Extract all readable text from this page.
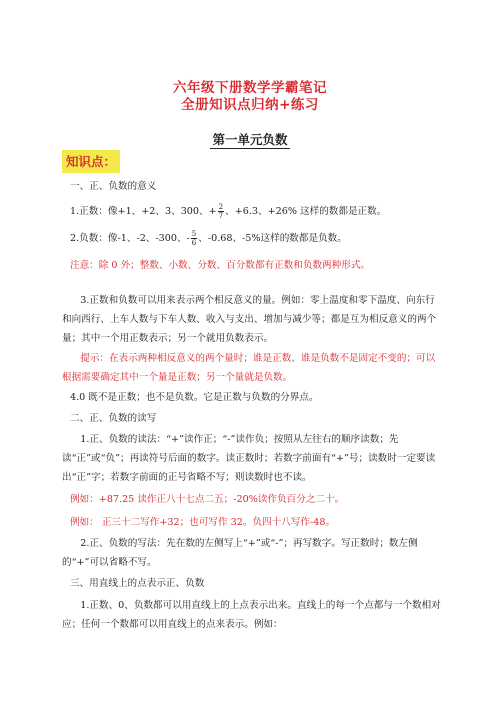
六年级下册数学学霸笔记
全册知识点归纳+练习
第一单元负数
知识点：
一、正、负数的意义
1.正数：像+1、+2、3、300、+ $\frac{2}{7}$ 、+6.3、+26% 这样的数都是正数。
2.负数：像-1、-2、-300、- $\frac{5}{6}$ 、-0.68、-5%这样的数都是负数。
注意：除 0 外；整数、小数、分数、百分数都有正数和负数两种形式。
3.正数和负数可以用来表示两个相反意义的量。例如：零上温度和零下温度、向东行和向西行、上车人数与下车人数、收入与支出、增加与减少等；都是互为相反意义的两个量；其中一个用正数表示；另一个就用负数表示。
提示：在表示两种相反意义的两个量时；谁是正数、谁是负数不是固定不变的；可以根据需要确定其中一个量是正数；另一个量就是负数。
4.0 既不是正数；也不是负数。它是正数与负数的分界点。
二、正、负数的读写
1.正、负数的读法：“+”读作正；“-”读作负；按照从左往右的顺序读数；先读“正”或“负”；再读符号后面的数字。读正数时；若数字前面有“+”号；读数时一定要读出“正”字；若数字前面的正号省略不写；则读数时也不读。
例如：+87.25 读作正八十七点二五；-20%读作负百分之二十。
例如： 正三十二写作+32；也可写作 32。负四十八写作-48。
2.正、负数的写法：先在数的左侧写上“+”或“-”；再写数字。写正数时；数左侧的“+”可以省略不写。
三、用直线上的点表示正、负数
1.正数、0、负数都可以用直线上的上点表示出来。直线上的每一个点都与一个数相对应；任何一个数都可以用直线上的点来表示。例如：
